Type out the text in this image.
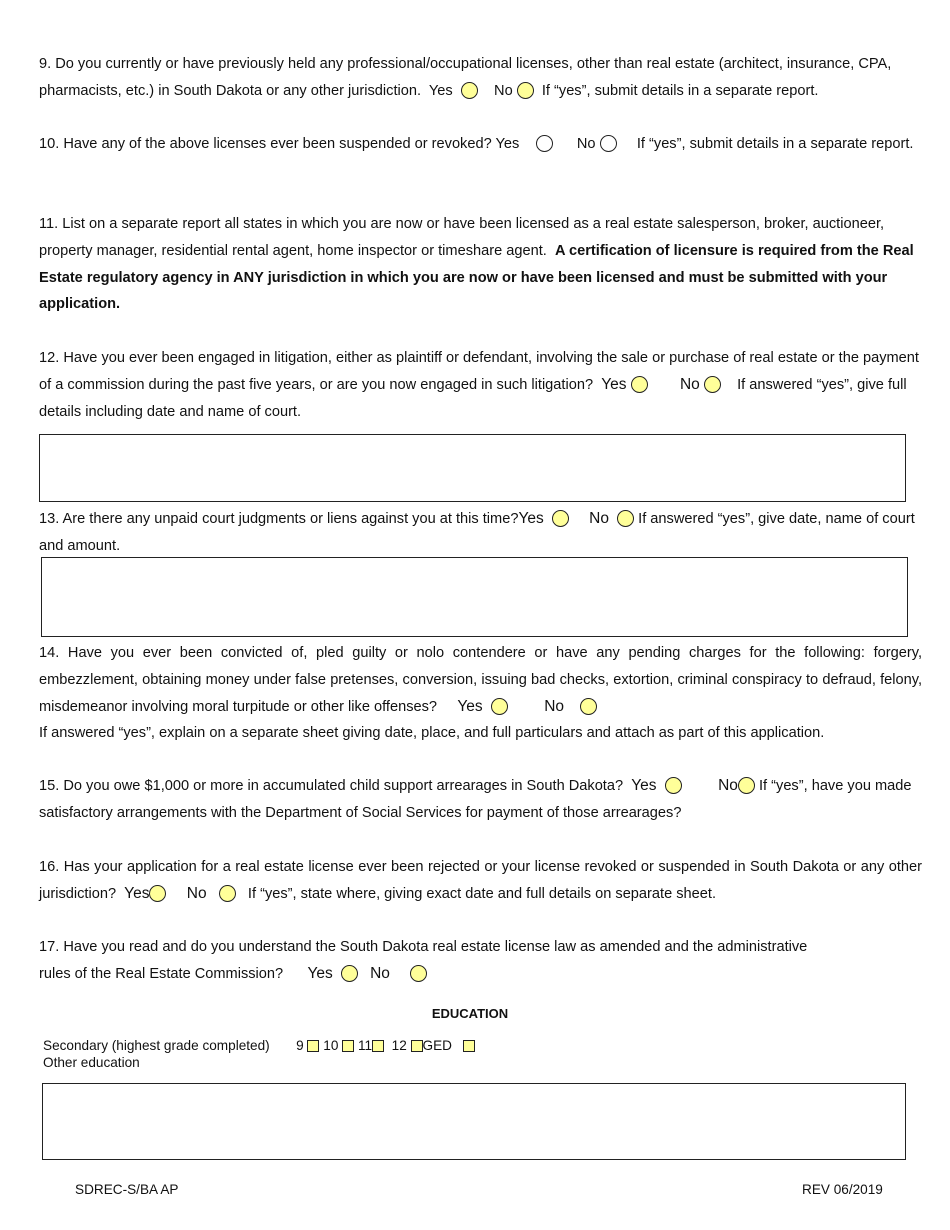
9. Do you currently or have previously held any professional/occupational licenses, other than real estate (architect, insurance, CPA, pharmacists, etc.) in South Dakota or any other jurisdiction. Yes	No If “yes”, submit details in a separate report.

10. Have any of the above licenses ever been suspended or revoked? Yes	No	If “yes”, submit details in a separate report.

11. List on a separate report all states in which you are now or have been licensed as a real estate salesperson, broker, auctioneer, property manager, residential rental agent, home inspector or timeshare agent. A certification of licensure is required from the Real Estate regulatory agency in ANY jurisdiction in which you are now or have been licensed and must be submitted with your application.

12. Have you ever been engaged in litigation, either as plaintiff or defendant, involving the sale or purchase of real estate or the payment of a commission during the past five years, or are you now engaged in such litigation? Yes	No	If answered “yes”, give full details including date and name of court.

13. Are there any unpaid court judgments or liens against you at this time?Yes	No If answered “yes”, give date, name of court and amount.

14. Have you ever been convicted of, pled guilty or nolo contendere or have any pending charges for the following: forgery, embezzlement, obtaining money under false pretenses, conversion, issuing bad checks, extortion, criminal conspiracy to defraud, felony, misdemeanor involving moral turpitude or other like offenses? Yes	No
If answered “yes”, explain on a separate sheet giving date, place, and full particulars and attach as part of this application.

15. Do you owe $1,000 or more in accumulated child support arrearages in South Dakota? Yes	No If “yes”, have you made satisfactory arrangements with the Department of Social Services for payment of those arrearages?

16. Has your application for a real estate license ever been rejected or your license revoked or suspended in South Dakota or any other jurisdiction? Yes No	If “yes”, state where, giving exact date and full details on separate sheet.

17. Have you read and do you understand the South Dakota real estate license law as amended and the administrative
rules of the Real Estate Commission? Yes No

EDUCATION
Secondary (highest grade completed) 9 10 11 12 GED
Other education
SDREC-S/BA AP	REV 06/2019
